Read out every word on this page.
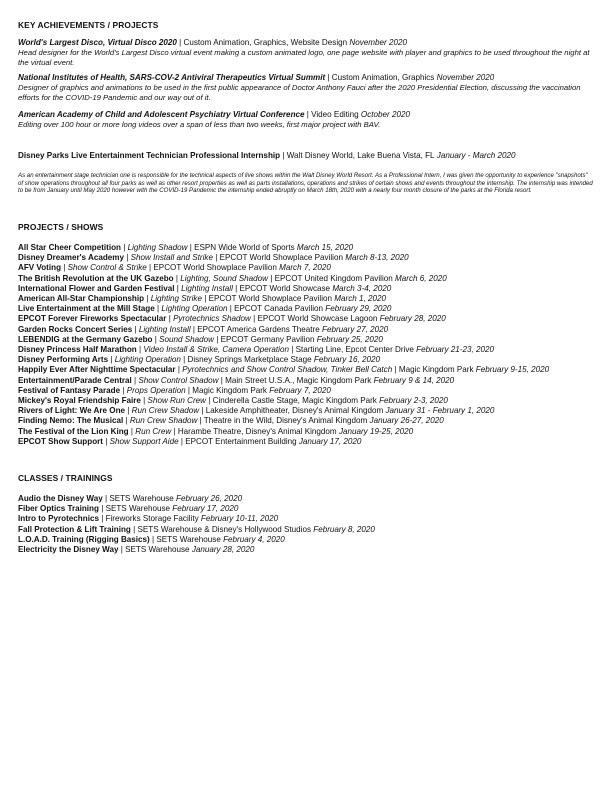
KEY ACHIEVEMENTS / PROJECTS

World's Largest Disco, Virtual Disco 2020 | Custom Animation, Graphics, Website Design November 2020

Head designer for the World's Largest Disco virtual event making a custom animated logo, one page website with player and graphics to be used throughout the night at the virtual event.

National Institutes of Health, SARS-COV-2 Antiviral Therapeutics Virtual Summit | Custom Animation, Graphics November 2020

Designer of graphics and animations to be used in the first public appearance of Doctor Anthony Fauci after the 2020 Presidential Election, discussing the vaccination efforts for the COVID-19 Pandemic and our way out of it.

American Academy of Child and Adolescent Psychiatry Virtual Conference | Video Editing October 2020

Editing over 100 hour or more long videos over a span of less than two weeks, first major project with BAV.

Disney Parks Live Entertainment Technician Professional Internship | Walt Disney World, Lake Buena Vista, FL January - March 2020

As an entertainment stage technician one is responsible for the technical aspects of live shows within the Walt Disney World Resort. As a Professional Intern, I was given the opportunity to experience "snapshots" of show operations throughout all four parks as well as other resort properties as well as parts installations, operations and strikes of certain shows and events throughout the internship. The internship was intended to be from January until May 2020 however with the COVID-19 Pandemic the internship ended abruptly on March 18th, 2020 with a nearly four month closure of the parks at the Florida resort.

PROJECTS / SHOWS

All Star Cheer Competition | Lighting Shadow | ESPN Wide World of Sports March 15, 2020

Disney Dreamer's Academy | Show Install and Strike | EPCOT World Showplace Pavilion March 8-13, 2020

AFV Voting | Show Control & Strike | EPCOT World Showplace Pavilion March 7, 2020

The British Revolution at the UK Gazebo | Lighting, Sound Shadow | EPCOT United Kingdom Pavilion March 6, 2020

International Flower and Garden Festival | Lighting Install | EPCOT World Showcase March 3-4, 2020

American All-Star Championship | Lighting Strike | EPCOT World Showplace Pavilion March 1, 2020

Live Entertainment at the Mill Stage | Lighting Operation | EPCOT Canada Pavilion February 29, 2020

EPCOT Forever Fireworks Spectacular | Pyrotechnics Shadow | EPCOT World Showcase Lagoon February 28, 2020

Garden Rocks Concert Series | Lighting Install | EPCOT America Gardens Theatre February 27, 2020

LEBENDIG at the Germany Gazebo | Sound Shadow | EPCOT Germany Pavilion February 25, 2020

Disney Princess Half Marathon | Video Install & Strike, Camera Operation | Starting Line, Epcot Center Drive February 21-23, 2020

Disney Performing Arts | Lighting Operation | Disney Springs Marketplace Stage February 16, 2020

Happily Ever After Nighttime Spectacular | Pyrotechnics and Show Control Shadow, Tinker Bell Catch | Magic Kingdom Park February 9-15, 2020

Entertainment/Parade Central | Show Control Shadow | Main Street U.S.A., Magic Kingdom Park February 9 & 14, 2020

Festival of Fantasy Parade | Props Operation | Magic Kingdom Park February 7, 2020

Mickey's Royal Friendship Faire | Show Run Crew | Cinderella Castle Stage, Magic Kingdom Park February 2-3, 2020

Rivers of Light: We Are One | Run Crew Shadow | Lakeside Amphitheater, Disney's Animal Kingdom January 31 - February 1, 2020

Finding Nemo: The Musical | Run Crew Shadow | Theatre in the Wild, Disney's Animal Kingdom January 26-27, 2020

The Festival of the Lion King | Run Crew | Harambe Theatre, Disney's Animal Kingdom January 19-25, 2020

EPCOT Show Support | Show Support Aide | EPCOT Entertainment Building January 17, 2020

CLASSES / TRAININGS

Audio the Disney Way | SETS Warehouse February 26, 2020

Fiber Optics Training | SETS Warehouse February 17, 2020

Intro to Pyrotechnics | Fireworks Storage Facility February 10-11, 2020

Fall Protection & Lift Training | SETS Warehouse & Disney's Hollywood Studios February 8, 2020

L.O.A.D. Training (Rigging Basics) | SETS Warehouse February 4, 2020

Electricity the Disney Way | SETS Warehouse January 28, 2020
